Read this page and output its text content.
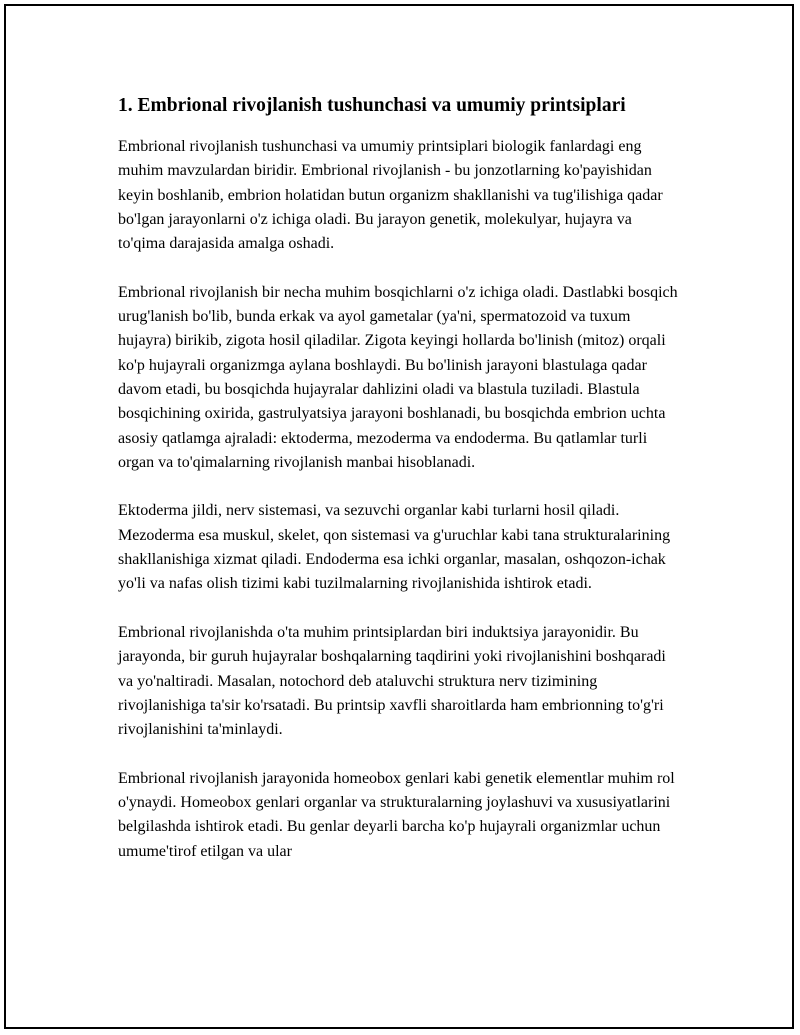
1. Embrional rivojlanish tushunchasi va umumiy printsiplari

Embrional rivojlanish tushunchasi va umumiy printsiplari biologik fanlardagi eng muhim mavzulardan biridir. Embrional rivojlanish - bu jonzotlarning ko'payishidan keyin boshlanib, embrion holatidan butun organizm shakllanishi va tug'ilishiga qadar bo'lgan jarayonlarni o'z ichiga oladi. Bu jarayon genetik, molekulyar, hujayra va to'qima darajasida amalga oshadi.

Embrional rivojlanish bir necha muhim bosqichlarni o'z ichiga oladi. Dastlabki bosqich urug'lanish bo'lib, bunda erkak va ayol gametalar (ya'ni, spermatozoid va tuxum hujayra) birikib, zigota hosil qiladilar. Zigota keyingi hollarda bo'linish (mitoz) orqali ko'p hujayrali organizmga aylana boshlaydi. Bu bo'linish jarayoni blastulaga qadar davom etadi, bu bosqichda hujayralar dahlizini oladi va blastula tuziladi. Blastula bosqichining oxirida, gastrulyatsiya jarayoni boshlanadi, bu bosqichda embrion uchta asosiy qatlamga ajraladi: ektoderma, mezoderma va endoderma. Bu qatlamlar turli organ va to'qimalarning rivojlanish manbai hisoblanadi.

Ektoderma jildi, nerv sistemasi, va sezuvchi organlar kabi turlarni hosil qiladi. Mezoderma esa muskul, skelet, qon sistemasi va g'uruchlar kabi tana strukturalarining shakllanishiga xizmat qiladi. Endoderma esa ichki organlar, masalan, oshqozon-ichak yo'li va nafas olish tizimi kabi tuzilmalarning rivojlanishida ishtirok etadi.

Embrional rivojlanishda o'ta muhim printsiplardan biri induktsiya jarayonidir. Bu jarayonda, bir guruh hujayralar boshqalarning taqdirini yoki rivojlanishini boshqaradi va yo'naltiradi. Masalan, notochord deb ataluvchi struktura nerv tizimining rivojlanishiga ta'sir ko'rsatadi. Bu printsip xavfli sharoitlarda ham embrionning to'g'ri rivojlanishini ta'minlaydi.

Embrional rivojlanish jarayonida homeobox genlari kabi genetik elementlar muhim rol o'ynaydi. Homeobox genlari organlar va strukturalarning joylashuvi va xususiyatlarini belgilashda ishtirok etadi. Bu genlar deyarli barcha ko'p hujayrali organizmlar uchun umume'tirof etilgan va ular
